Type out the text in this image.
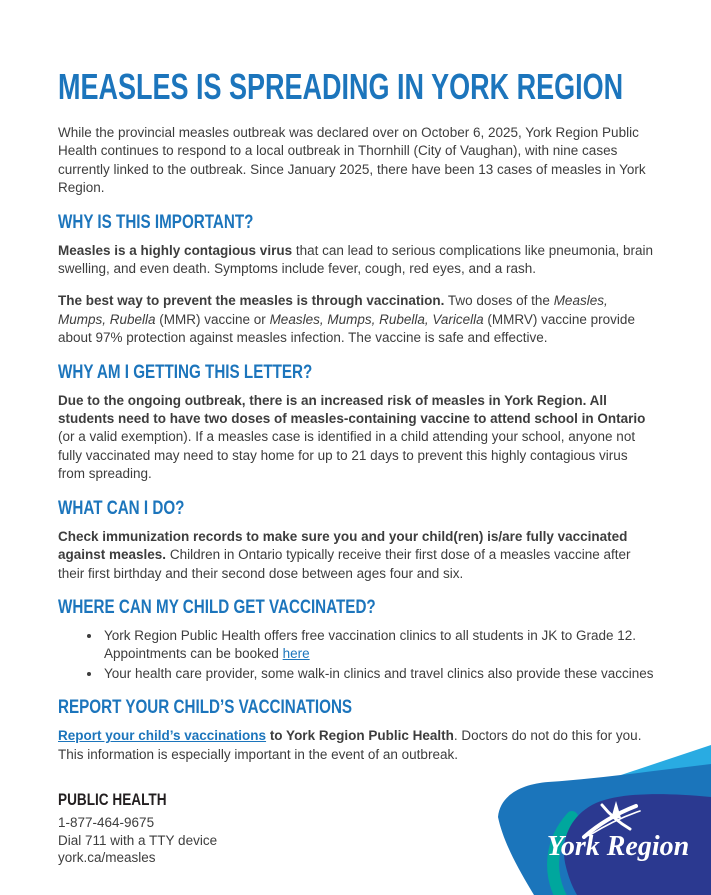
MEASLES IS SPREADING IN YORK REGION

While the provincial measles outbreak was declared over on October 6, 2025, York Region Public Health continues to respond to a local outbreak in Thornhill (City of Vaughan), with nine cases currently linked to the outbreak. Since January 2025, there have been 13 cases of measles in York Region.

WHY IS THIS IMPORTANT?

Measles is a highly contagious virus that can lead to serious complications like pneumonia, brain swelling, and even death. Symptoms include fever, cough, red eyes, and a rash.

The best way to prevent the measles is through vaccination. Two doses of the Measles, Mumps, Rubella (MMR) vaccine or Measles, Mumps, Rubella, Varicella (MMRV) vaccine provide about 97% protection against measles infection. The vaccine is safe and effective.

WHY AM I GETTING THIS LETTER?

Due to the ongoing outbreak, there is an increased risk of measles in York Region. All students need to have two doses of measles-containing vaccine to attend school in Ontario (or a valid exemption). If a measles case is identified in a child attending your school, anyone not fully vaccinated may need to stay home for up to 21 days to prevent this highly contagious virus from spreading.

WHAT CAN I DO?

Check immunization records to make sure you and your child(ren) is/are fully vaccinated against measles. Children in Ontario typically receive their first dose of a measles vaccine after their first birthday and their second dose between ages four and six.

WHERE CAN MY CHILD GET VACCINATED?
• York Region Public Health offers free vaccination clinics to all students in JK to Grade 12. Appointments can be booked here
• Your health care provider, some walk-in clinics and travel clinics also provide these vaccines
REPORT YOUR CHILD’S VACCINATIONS

Report your child’s vaccinations to York Region Public Health. Doctors do not do this for you. This information is especially important in the event of an outbreak.

PUBLIC HEALTH
1-877-464-9675
Dial 711 with a TTY device
york.ca/measles	York Region
